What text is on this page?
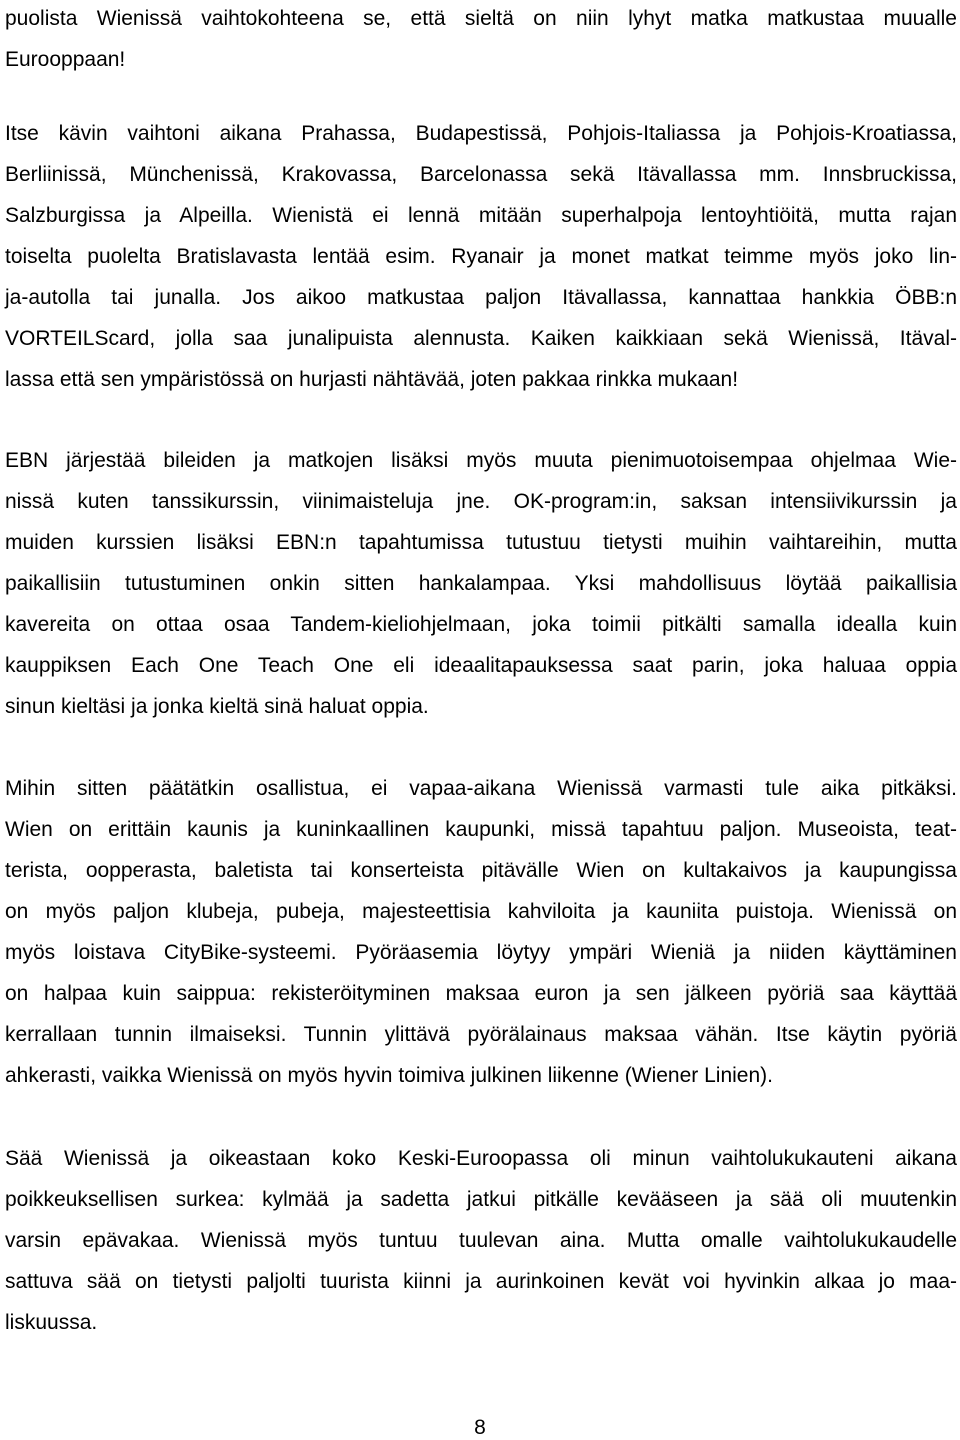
puolista Wienissä vaihtokohteena se, että sieltä on niin lyhyt matka matkustaa muualle
Eurooppaan!
Itse kävin vaihtoni aikana Prahassa, Budapestissä, Pohjois-Italiassa ja Pohjois-Kroatiassa,
Berliinissä, Münchenissä, Krakovassa, Barcelonassa sekä Itävallassa mm. Innsbruckissa,
Salzburgissa ja Alpeilla. Wienistä ei lennä mitään superhalpoja lentoyhtiöitä, mutta rajan
toiselta puolelta Bratislavasta lentää esim. Ryanair ja monet matkat teimme myös joko lin-
ja-autolla tai junalla. Jos aikoo matkustaa paljon Itävallassa, kannattaa hankkia ÖBB:n
VORTEILScard, jolla saa junalipuista alennusta. Kaiken kaikkiaan sekä Wienissä, Itäval-
lassa että sen ympäristössä on hurjasti nähtävää, joten pakkaa rinkka mukaan!
EBN järjestää bileiden ja matkojen lisäksi myös muuta pienimuotoisempaa ohjelmaa Wie-
nissä kuten tanssikurssin, viinimaisteluja jne. OK-program:in, saksan intensiivikurssin ja
muiden kurssien lisäksi EBN:n tapahtumissa tutustuu tietysti muihin vaihtareihin, mutta
paikallisiin tutustuminen onkin sitten hankalampaa. Yksi mahdollisuus löytää paikallisia
kavereita on ottaa osaa Tandem-kieliohjelmaan, joka toimii pitkälti samalla idealla kuin
kauppiksen Each One Teach One eli ideaalitapauksessa saat parin, joka haluaa oppia
sinun kieltäsi ja jonka kieltä sinä haluat oppia.
Mihin sitten päätätkin osallistua, ei vapaa-aikana Wienissä varmasti tule aika pitkäksi.
Wien on erittäin kaunis ja kuninkaallinen kaupunki, missä tapahtuu paljon. Museoista, teat-
terista, oopperasta, baletista tai konserteista pitävälle Wien on kultakaivos ja kaupungissa
on myös paljon klubeja, pubeja, majesteettisia kahviloita ja kauniita puistoja. Wienissä on
myös loistava CityBike-systeemi. Pyöräasemia löytyy ympäri Wieniä ja niiden käyttäminen
on halpaa kuin saippua: rekisteröityminen maksaa euron ja sen jälkeen pyöriä saa käyttää
kerrallaan tunnin ilmaiseksi. Tunnin ylittävä pyörälainaus maksaa vähän. Itse käytin pyöriä
ahkerasti, vaikka Wienissä on myös hyvin toimiva julkinen liikenne (Wiener Linien).
Sää Wienissä ja oikeastaan koko Keski-Euroopassa oli minun vaihtolukukauteni aikana
poikkeuksellisen surkea: kylmää ja sadetta jatkui pitkälle kevääseen ja sää oli muutenkin
varsin epävakaa. Wienissä myös tuntuu tuulevan aina. Mutta omalle vaihtolukukaudelle
sattuva sää on tietysti paljolti tuurista kiinni ja aurinkoinen kevät voi hyvinkin alkaa jo maa-
liskuussa.
8
